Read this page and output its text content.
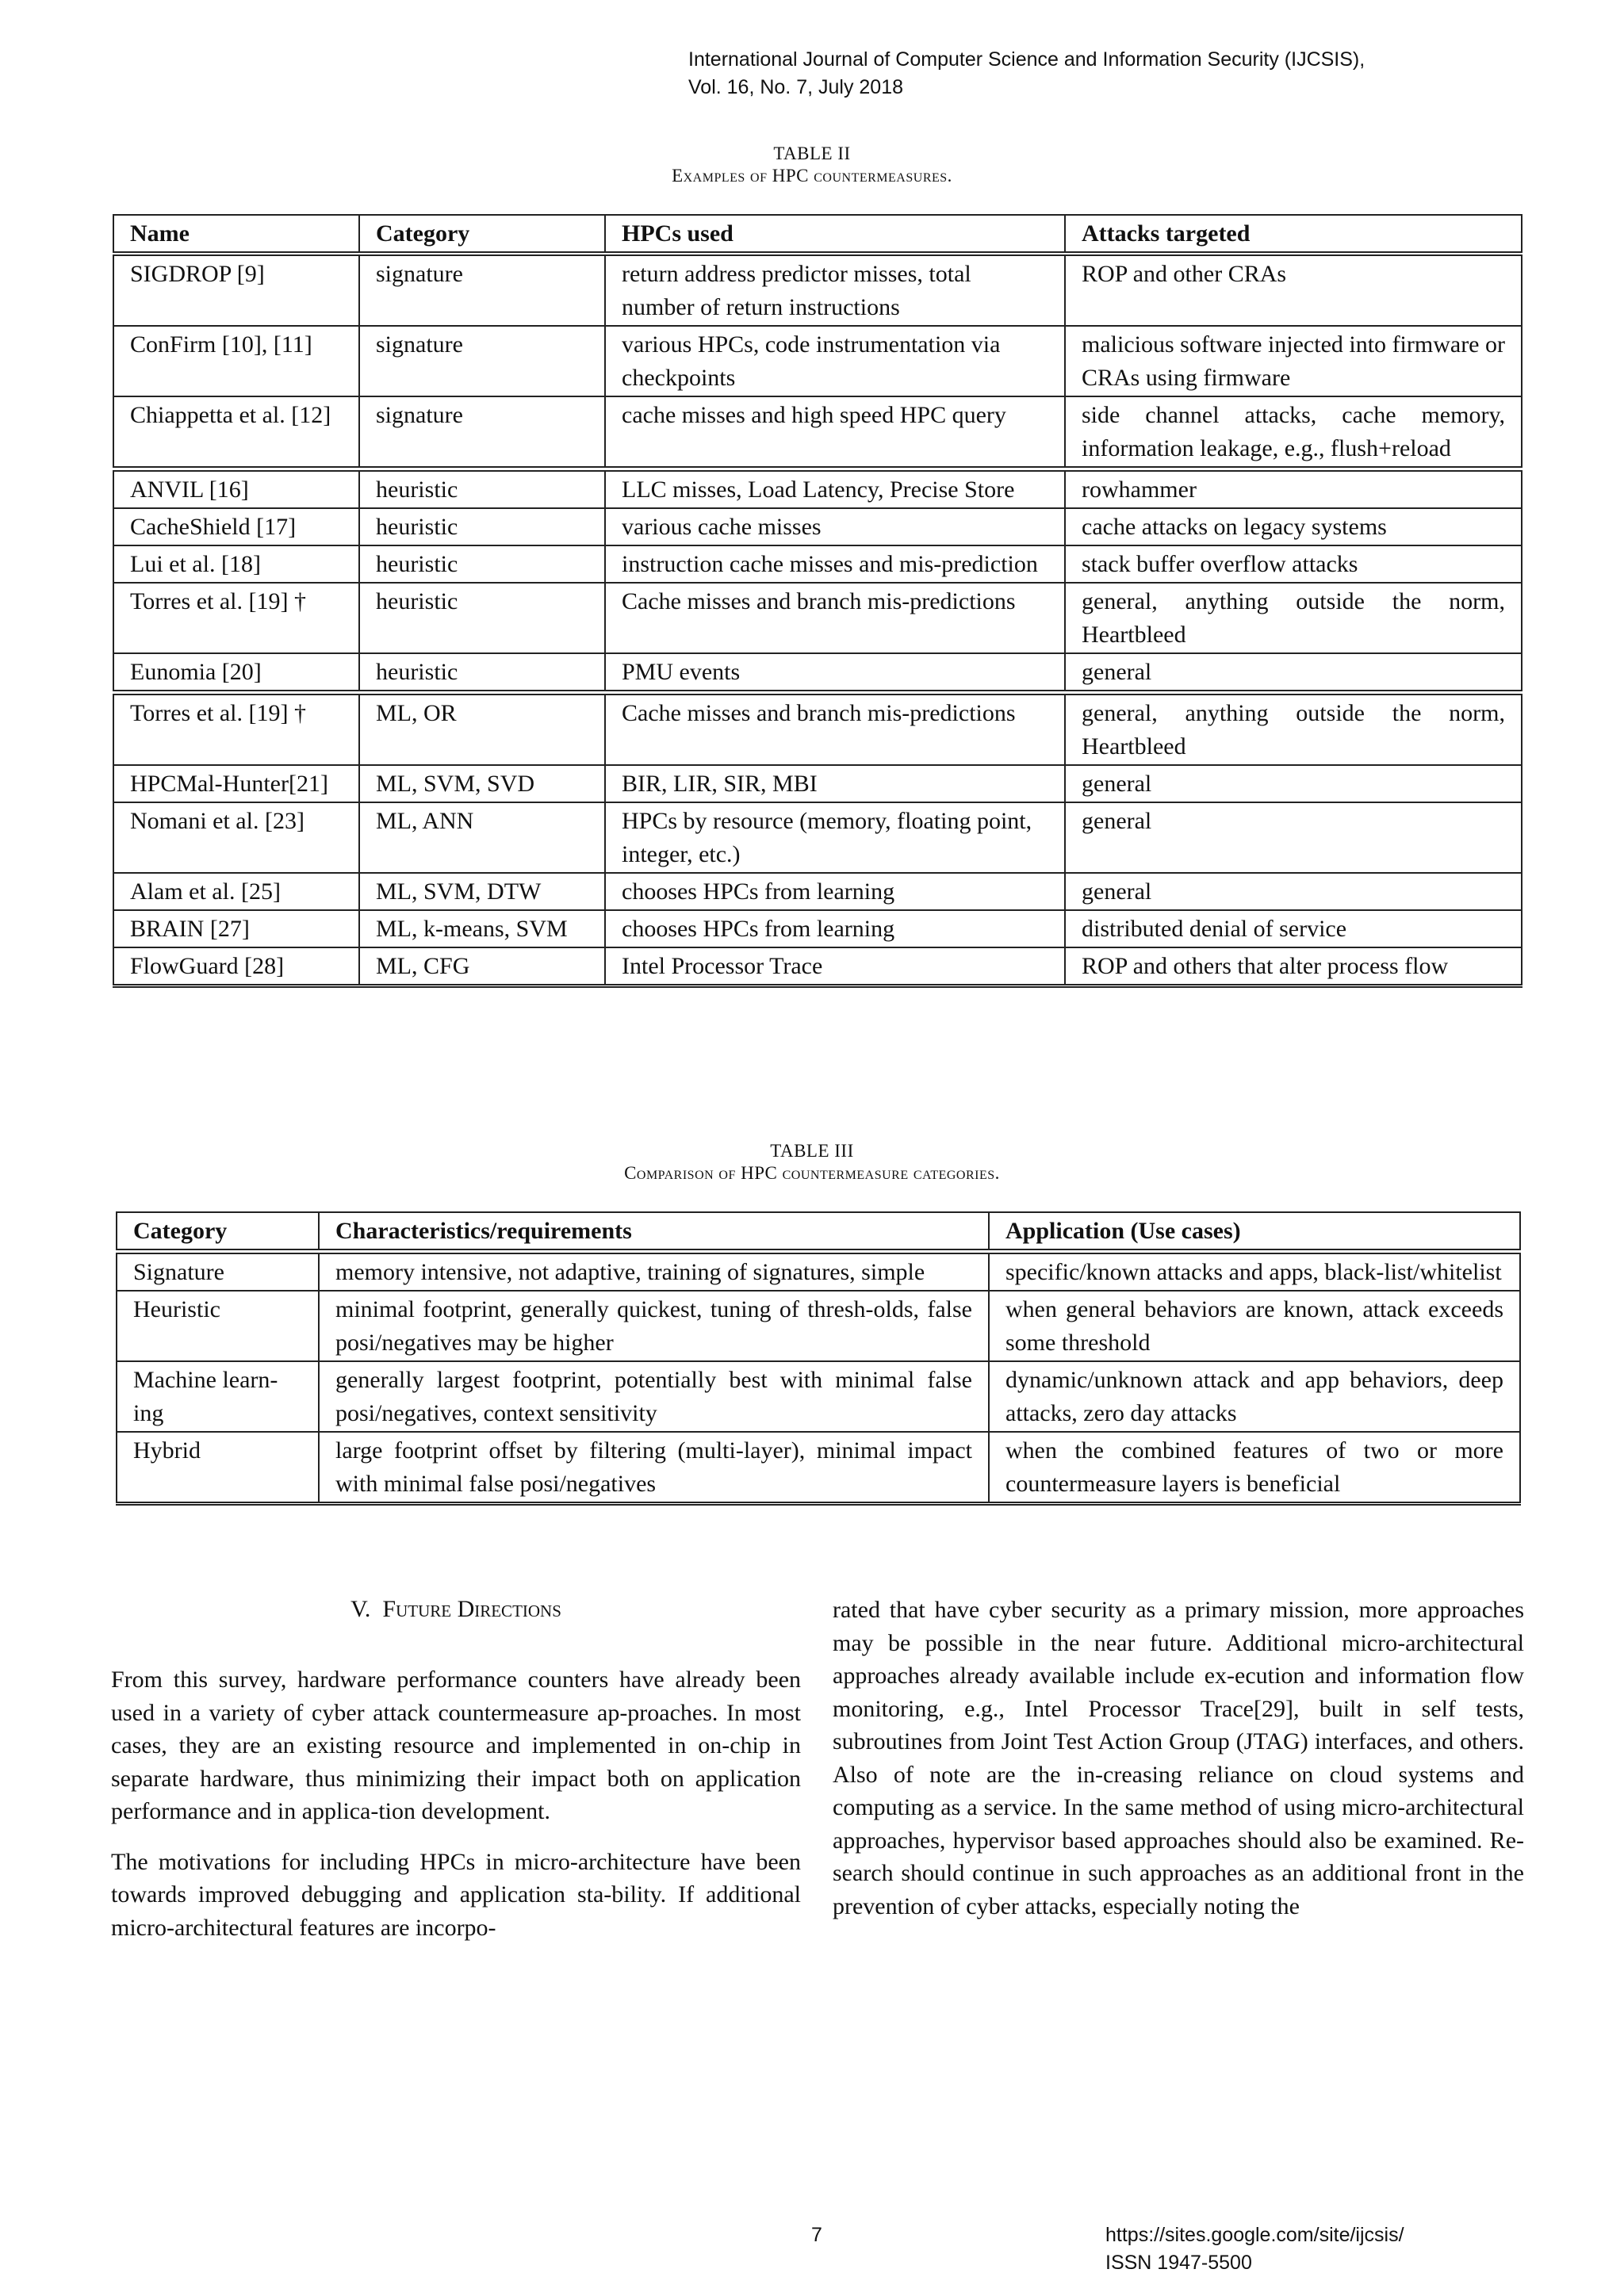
International Journal of Computer Science and Information Security (IJCSIS),
Vol. 16, No. 7, July 2018
TABLE II
Examples of HPC countermeasures.
Name	Category	HPCs used	Attacks targeted
SIGDROP [9]	signature	return address predictor misses, total number of return instructions	ROP and other CRAs
ConFirm [10], [11]	signature	various HPCs, code instrumentation via checkpoints	malicious software injected into firmware or CRAs using firmware
Chiappetta et al. [12]	signature	cache misses and high speed HPC query	side channel attacks, cache memory, information leakage, e.g., flush+reload
ANVIL [16]	heuristic	LLC misses, Load Latency, Precise Store	rowhammer
CacheShield [17]	heuristic	various cache misses	cache attacks on legacy systems
Lui et al. [18]	heuristic	instruction cache misses and mis-prediction	stack buffer overflow attacks
Torres et al. [19] †	heuristic	Cache misses and branch mis-predictions	general, anything outside the norm, Heartbleed
Eunomia [20]	heuristic	PMU events	general
Torres et al. [19] †	ML, OR	Cache misses and branch mis-predictions	general, anything outside the norm, Heartbleed
HPCMal-Hunter[21]	ML, SVM, SVD	BIR, LIR, SIR, MBI	general
Nomani et al. [23]	ML, ANN	HPCs by resource (memory, floating point, integer, etc.)	general
Alam et al. [25]	ML, SVM, DTW	chooses HPCs from learning	general
BRAIN [27]	ML, k-means, SVM	chooses HPCs from learning	distributed denial of service
FlowGuard [28]	ML, CFG	Intel Processor Trace	ROP and others that alter process flow
TABLE III
Comparison of HPC countermeasure categories.
Category	Characteristics/requirements	Application (Use cases)
Signature	memory intensive, not adaptive, training of signatures, simple	specific/known attacks and apps, black-list/whitelist
Heuristic	minimal footprint, generally quickest, tuning of thresh-olds, false posi/negatives may be higher	when general behaviors are known, attack exceeds some threshold
Machine learn-ing	generally largest footprint, potentially best with minimal false posi/negatives, context sensitivity	dynamic/unknown attack and app behaviors, deep attacks, zero day attacks
Hybrid	large footprint offset by filtering (multi-layer), minimal impact with minimal false posi/negatives	when the combined features of two or more countermeasure layers is beneficial
V. Future Directions

From this survey, hardware performance counters have already been used in a variety of cyber attack countermeasure ap-proaches. In most cases, they are an existing resource and implemented in on-chip in separate hardware, thus minimizing their impact both on application performance and in applica-tion development.

The motivations for including HPCs in micro-architecture have been towards improved debugging and application sta-bility. If additional micro-architectural features are incorpo-

rated that have cyber security as a primary mission, more approaches may be possible in the near future. Additional micro-architectural approaches already available include ex-ecution and information flow monitoring, e.g., Intel Processor Trace[29], built in self tests, subroutines from Joint Test Action Group (JTAG) interfaces, and others. Also of note are the in-creasing reliance on cloud systems and computing as a service. In the same method of using micro-architectural approaches, hypervisor based approaches should also be examined. Re-search should continue in such approaches as an additional front in the prevention of cyber attacks, especially noting the

7	https://sites.google.com/site/ijcsis/
ISSN 1947-5500
